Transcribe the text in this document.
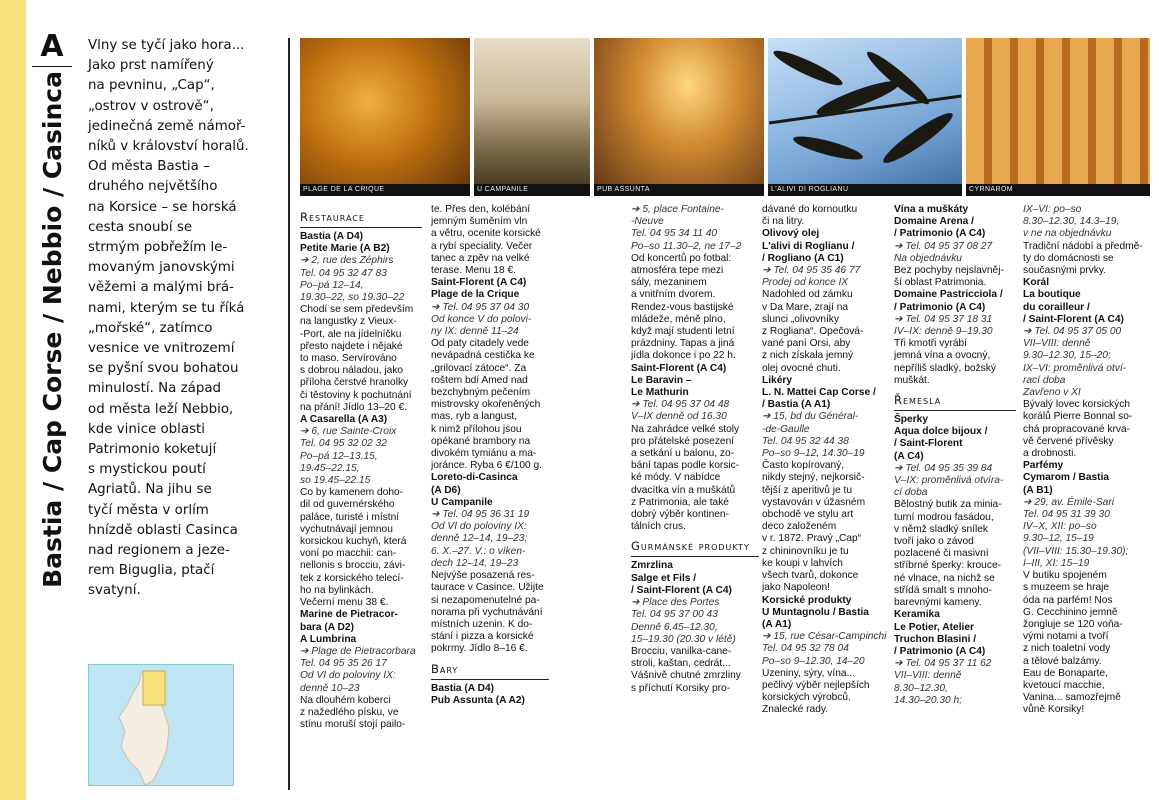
A
Bastia / Cap Corse / Nebbio / Casinca
Vlny se tyčí jako hora...
Jako prst namířený
na pevninu, „Cap“,
„ostrov v ostrově“,
jedinečná země námoř-
níků v království horalů.
Od města Bastia –
druhého největšího
na Korsice – se horská
cesta snoubí se
strmým pobřežím le-
movaným janovskými
věžemi a malými brá-
nami, kterým se tu říká
„mořské“, zatímco
vesnice ve vnitrozemí
se pyšní svou bohatou
minulostí. Na západ
od města leží Nebbio,
kde vinice oblasti
Patrimonio koketují
s mystickou poutí
Agriatů. Na jihu se
tyčí města v orlím
hnízdě oblasti Casinca
nad regionem a jeze-
rem Biguglia, ptačí
svatyní.
PLAGE DE LA CRIQUE	U CAMPANILE	PUB ASSUNTA	L'ALIVI DI ROGLIANU	CYRNAROM
Restaurace
Bastia (A D4)
Petite Marie (A B2)
➔ 2, rue des Zéphirs
Tel. 04 95 32 47 83
Po–pá 12–14,
19.30–22, so 19.30–22
Chodí se sem především
na langustky z Vieux-
-Port, ale na jídelníčku
přesto najdete i nějaké
to maso. Servírováno
s dobrou náladou, jako
příloha čerstvé hranolky
či těstoviny k pochutnání
na přání! Jídlo 13–20 €.
A Casarella (A A3)
➔ 6, rue Sainte-Croix
Tel. 04 95 32 02 32
Po–pá 12–13.15,
19.45–22.15,
so 19.45–22.15
Co by kamenem doho-
dil od guvernérského
paláce, turisté i místní
vychutnávají jemnou
korsickou kuchyň, která
voní po macchii: can-
nellonis s brocciu, závi-
tek z korsického telecí-
ho na bylinkách.
Večerní menu 38 €.
Marine de Pietracor-
bara (A D2)
A Lumbrina
➔ Plage de Pietracorbara
Tel. 04 95 35 26 17
Od VI do poloviny IX:
denně 10–23
Na dlouhém koberci
z nažedlého písku, ve
stínu moruší stojí pailo-
te. Přes den, kolébání
jemným šuměním vln
a větru, ocenite korsické
a rybí speciality. Večer
tanec a zpěv na velké
terase. Menu 18 €.
Saint-Florent (A C4)
Plage de la Crique
➔ Tel. 04 95 37 04 30
Od konce V do polovi-
ny IX: denně 11–24
Od paty citadely vede
nevápadná cestička ke
„grilovací zátoce“. Za
roštem bdí Amed nad
bezchybným pečením
mistrovsky okořeněných
mas, ryb a langust,
k nimž přílohou jsou
opékané brambory na
divokém tymiánu a ma-
joránce. Ryba 6 €/100 g.
Loreto-di-Casinca
(A D6)
U Campanile
➔ Tel. 04 95 36 31 19
Od VI do poloviny IX:
denně 12–14, 19–23;
6. X.–27. V.: o víken-
dech 12–14, 19–23
Nejvýše posazená res-
taurace v Casince. Užijte
si nezapomenutelné pa-
norama při vychutnávání
místních uzenin. K do-
stání i pizza a korsické
pokrmy. Jídlo 8–16 €.
Bary
Bastia (A D4)
Pub Assunta (A A2)
➔ 5, place Fontaine-
-Neuve
Tel. 04 95 34 11 40
Po–so 11.30–2, ne 17–2
Od koncertů po fotbal:
atmosféra tepe mezi
sály, mezaninem
a vnitřním dvorem.
Rendez-vous bastijské
mládeže, méně plno,
když mají studenti letní
prázdniny. Tapas a jiná
jídla dokonce i po 22 h.
Saint-Florent (A C4)
Le Baravin –
Le Mathurin
➔ Tel. 04 95 37 04 48
V–IX denně od 16.30
Na zahrádce velké stoly
pro přátelské posezení
a setkání u balonu, zo-
bání tapas podle korsic-
ké módy. V nabídce
dvacítka vín a muškátů
z Patrimonia, ale také
dobrý výběr kontinen-
tálních crus.
Gurmánské produkty
Zmrzlina
Salge et Fils /
/ Saint-Florent (A C4)
➔ Place des Portes
Tel. 04 95 37 00 43
Denně 6.45–12.30,
15–19.30 (20.30 v létě)
Brocciu, vanilka-cane-
stroli, kaštan, cedrát...
Vášnivě chutné zmrzliny
s příchutí Korsiky pro-
dávané do kornoutku
či na litry.
Olivový olej
L'alivi di Roglianu /
/ Rogliano (A C1)
➔ Tel. 04 95 35 46 77
Prodej od konce IX
Nadohled od zámku
v Da Mare, zrají na
slunci „olivovníky
z Rogliana“. Opečová-
vané paní Orsi, aby
z nich získala jemný
olej ovocné chuti.
Likéry
L. N. Mattei Cap Corse /
/ Bastia (A A1)
➔ 15, bd du Général-
-de-Gaulle
Tel. 04 95 32 44 38
Po–so 9–12, 14.30–19
Často kopírovaný,
nikdy stejný, nejkorsič-
tější z aperitivů je tu
vystavován v úžasném
obchodě ve stylu art
deco založeném
v r. 1872. Pravý „Cap“
z chininovníku je tu
ke koupi v lahvích
všech tvarů, dokonce
jako Napoleon!
Korsické produkty
U Muntagnolu / Bastia
(A A1)
➔ 15, rue César-Campinchi
Tel. 04 95 32 78 04
Po–so 9–12.30, 14–20
Uzeniny, sýry, vína...
pečlivý výběr nejlepších
korsických výrobců.
Znalecké rady.
Vína a muškáty
Domaine Arena /
/ Patrimonio (A C4)
➔ Tel. 04 95 37 08 27
Na objednávku
Bez pochyby nejslavněj-
ší oblast Patrimonia.
Domaine Pastricciola /
/ Patrimonio (A C4)
➔ Tel. 04 95 37 18 31
IV–IX: denně 9–19.30
Tři kmotři vyrábí
jemná vína a ovocný,
nepříliš sladký, božský
muškát.
Řemesla
Šperky
Aqua dolce bijoux /
/ Saint-Florent
(A C4)
➔ Tel. 04 95 35 39 84
V–IX: proměnlivá otvíra-
cí doba
Bělostný butik za minia-
turní modrou fasádou,
v němž sladký snílek
tvoří jako o závod
pozlacené či masivní
stříbrné šperky: krouce-
né vlnace, na nichž se
střídá smalt s mnoho-
barevnými kameny.
Keramika
Le Potier, Atelier
Truchon Blasini /
/ Patrimonio (A C4)
➔ Tel. 04 95 37 11 62
VII–VIII: denně
8.30–12.30,
14.30–20.30 h;
IX–VI: po–so
8.30–12.30, 14.3–19,
v ne na objednávku
Tradiční nádobí a předmě-
ty do domácnosti se
současnými prvky.
Korál
La boutique
du corailleur /
/ Saint-Florent (A C4)
➔ Tel. 04 95 37 05 00
VII–VIII: denně
9.30–12.30, 15–20;
IX–VI: proměnlivá otví-
rací doba
Zavřeno v XI
Bývalý lovec korsických
korálů Pierre Bonnal so-
chá propracované krva-
vě červené přívěsky
a drobnosti.
Parfémy
Cymarom / Bastia
(A B1)
➔ 29, av. Émile-Sari
Tel. 04 95 31 39 30
IV–X, XII: po–so
9.30–12, 15–19
(VII–VIII: 15.30–19.30);
I–III, XI: 15–19
V butiku spojeném
s muzeem se hraje
óda na parfém! Nos
G. Cecchinino jemně
žongluje se 120 voňa-
vými notami a tvoří
z nich toaletní vody
a tělové balzámy.
Eau de Bonaparte,
kvetoucí macchie,
Vanina... samozřejmě
vůně Korsiky!
